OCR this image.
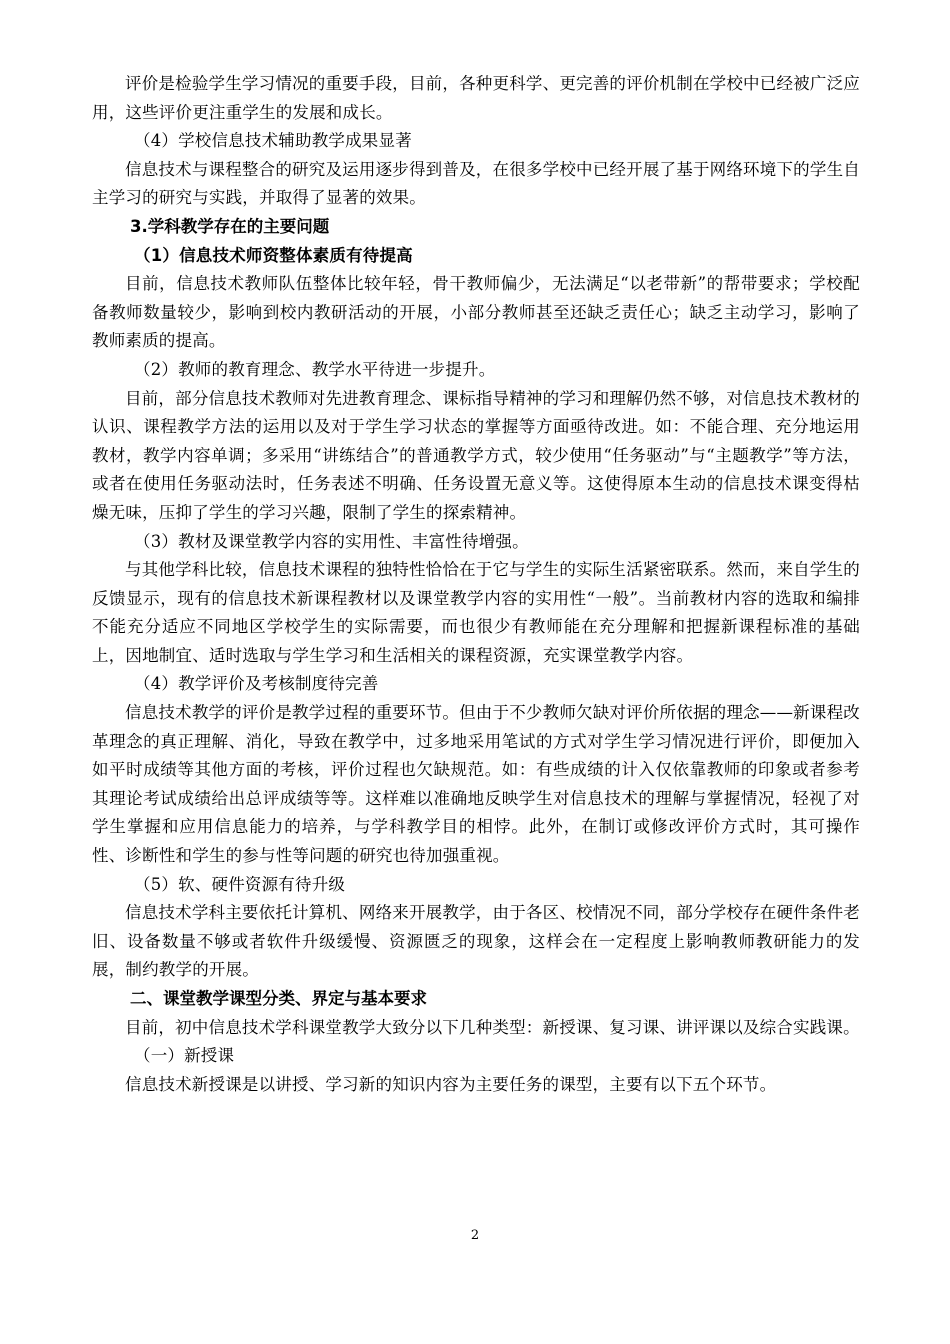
评价是检验学生学习情况的重要手段，目前，各种更科学、更完善的评价机制在学校中已经被广泛应用，这些评价更注重学生的发展和成长。

（4）学校信息技术辅助教学成果显著

信息技术与课程整合的研究及运用逐步得到普及，在很多学校中已经开展了基于网络环境下的学生自主学习的研究与实践，并取得了显著的效果。

3.学科教学存在的主要问题

（1）信息技术师资整体素质有待提高

目前，信息技术教师队伍整体比较年轻，骨干教师偏少，无法满足“以老带新”的帮带要求；学校配备教师数量较少，影响到校内教研活动的开展，小部分教师甚至还缺乏责任心；缺乏主动学习，影响了教师素质的提高。

（2）教师的教育理念、教学水平待进一步提升。

目前，部分信息技术教师对先进教育理念、课标指导精神的学习和理解仍然不够，对信息技术教材的认识、课程教学方法的运用以及对于学生学习状态的掌握等方面亟待改进。如：不能合理、充分地运用教材，教学内容单调；多采用“讲练结合”的普通教学方式，较少使用“任务驱动”与“主题教学”等方法，或者在使用任务驱动法时，任务表述不明确、任务设置无意义等。这使得原本生动的信息技术课变得枯燥无味，压抑了学生的学习兴趣，限制了学生的探索精神。

（3）教材及课堂教学内容的实用性、丰富性待增强。

与其他学科比较，信息技术课程的独特性恰恰在于它与学生的实际生活紧密联系。然而，来自学生的反馈显示，现有的信息技术新课程教材以及课堂教学内容的实用性“一般”。当前教材内容的选取和编排不能充分适应不同地区学校学生的实际需要，而也很少有教师能在充分理解和把握新课程标准的基础上，因地制宜、适时选取与学生学习和生活相关的课程资源，充实课堂教学内容。

（4）教学评价及考核制度待完善

信息技术教学的评价是教学过程的重要环节。但由于不少教师欠缺对评价所依据的理念——新课程改革理念的真正理解、消化，导致在教学中，过多地采用笔试的方式对学生学习情况进行评价，即便加入如平时成绩等其他方面的考核，评价过程也欠缺规范。如：有些成绩的计入仅依靠教师的印象或者参考其理论考试成绩给出总评成绩等等。这样难以准确地反映学生对信息技术的理解与掌握情况，轻视了对学生掌握和应用信息能力的培养，与学科教学目的相悖。此外，在制订或修改评价方式时，其可操作性、诊断性和学生的参与性等问题的研究也待加强重视。

（5）软、硬件资源有待升级

信息技术学科主要依托计算机、网络来开展教学，由于各区、校情况不同，部分学校存在硬件条件老旧、设备数量不够或者软件升级缓慢、资源匮乏的现象，这样会在一定程度上影响教师教研能力的发展，制约教学的开展。

二、课堂教学课型分类、界定与基本要求

目前，初中信息技术学科课堂教学大致分以下几种类型：新授课、复习课、讲评课以及综合实践课。

（一）新授课

信息技术新授课是以讲授、学习新的知识内容为主要任务的课型，主要有以下五个环节。

2
